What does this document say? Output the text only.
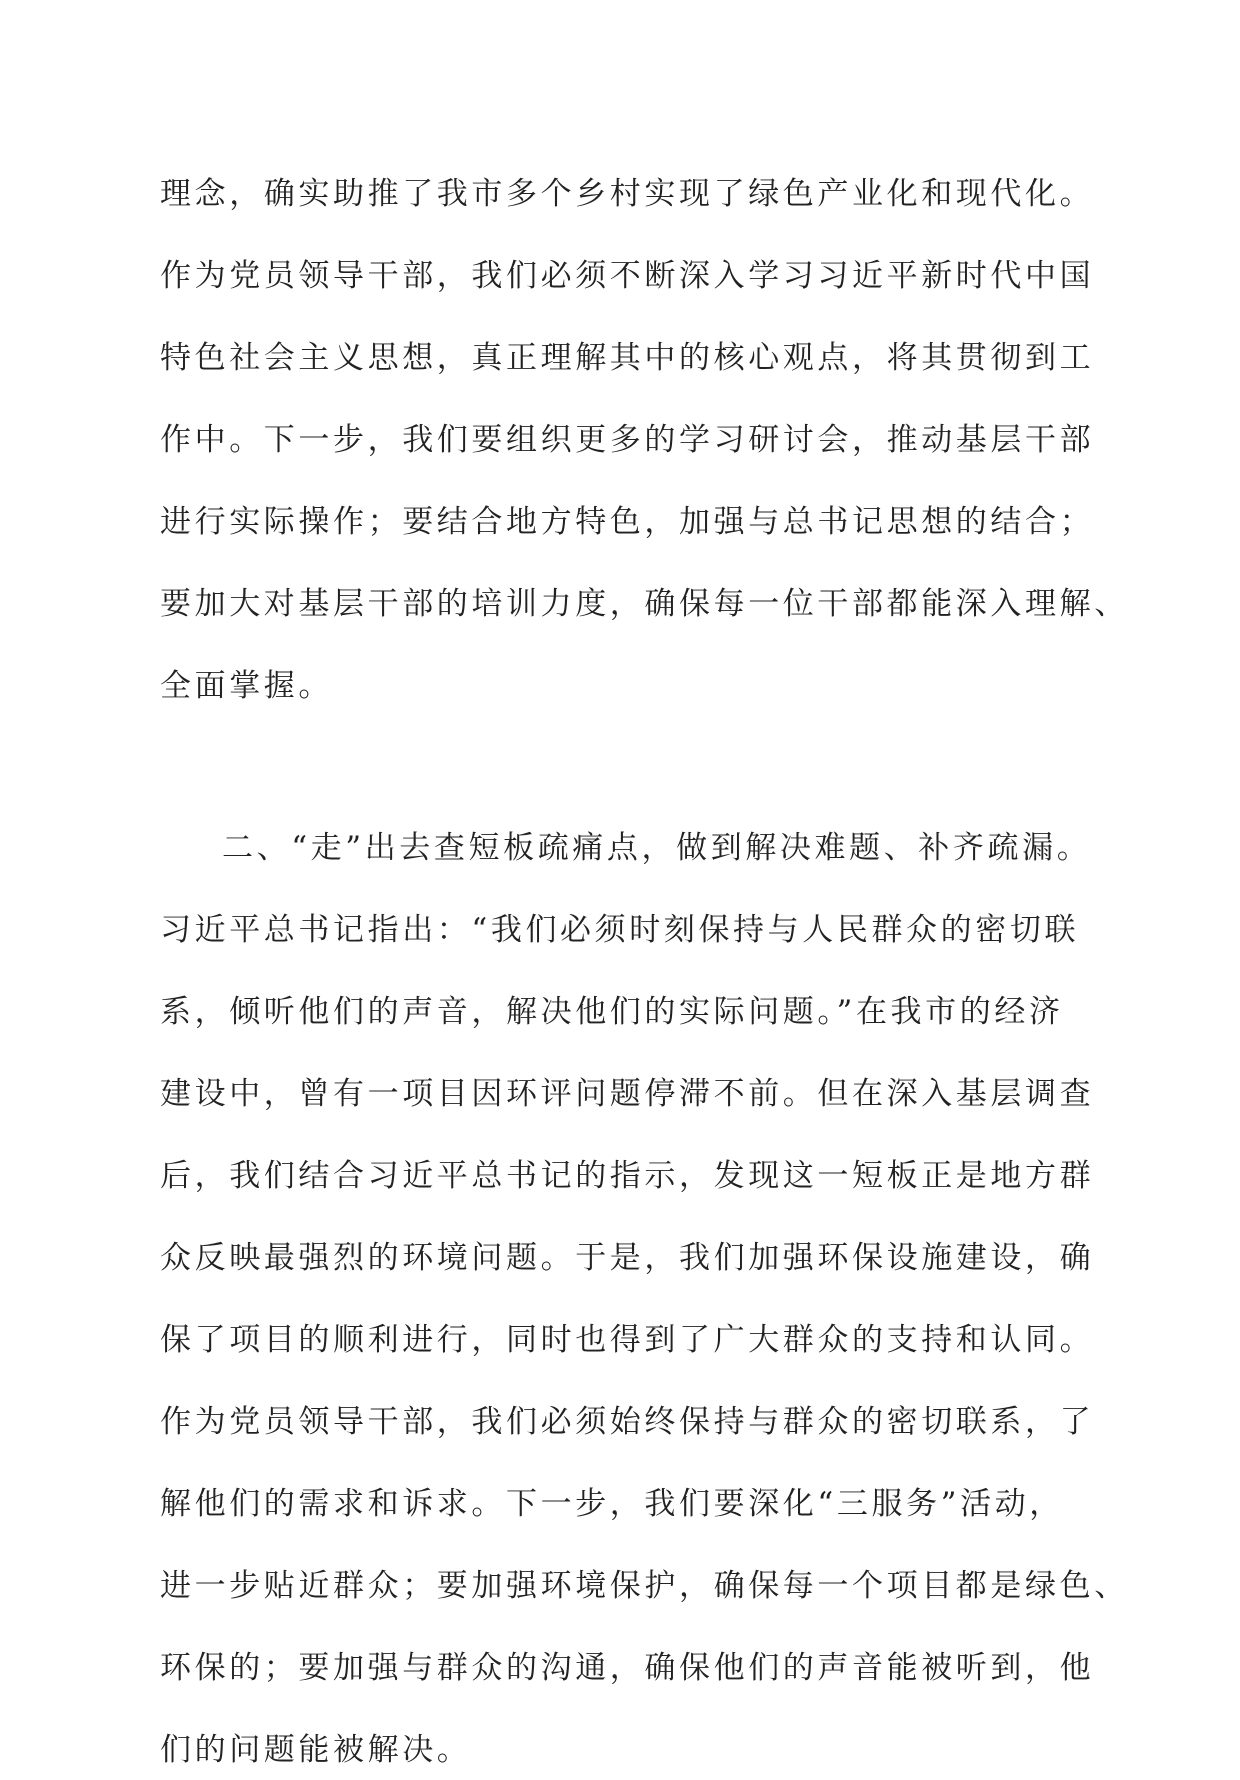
理念，确实助推了我市多个乡村实现了绿色产业化和现代化。
作为党员领导干部，我们必须不断深入学习习近平新时代中国
特色社会主义思想，真正理解其中的核心观点，将其贯彻到工
作中。下一步，我们要组织更多的学习研讨会，推动基层干部
进行实际操作；要结合地方特色，加强与总书记思想的结合；
要加大对基层干部的培训力度，确保每一位干部都能深入理解、
全面掌握。
二、“走”出去查短板疏痛点，做到解决难题、补齐疏漏。
习近平总书记指出：“我们必须时刻保持与人民群众的密切联
系，倾听他们的声音，解决他们的实际问题。”在我市的经济
建设中，曾有一项目因环评问题停滞不前。但在深入基层调查
后，我们结合习近平总书记的指示，发现这一短板正是地方群
众反映最强烈的环境问题。于是，我们加强环保设施建设，确
保了项目的顺利进行，同时也得到了广大群众的支持和认同。
作为党员领导干部，我们必须始终保持与群众的密切联系，了
解他们的需求和诉求。下一步，我们要深化“三服务”活动，
进一步贴近群众；要加强环境保护，确保每一个项目都是绿色、
环保的；要加强与群众的沟通，确保他们的声音能被听到，他
们的问题能被解决。
